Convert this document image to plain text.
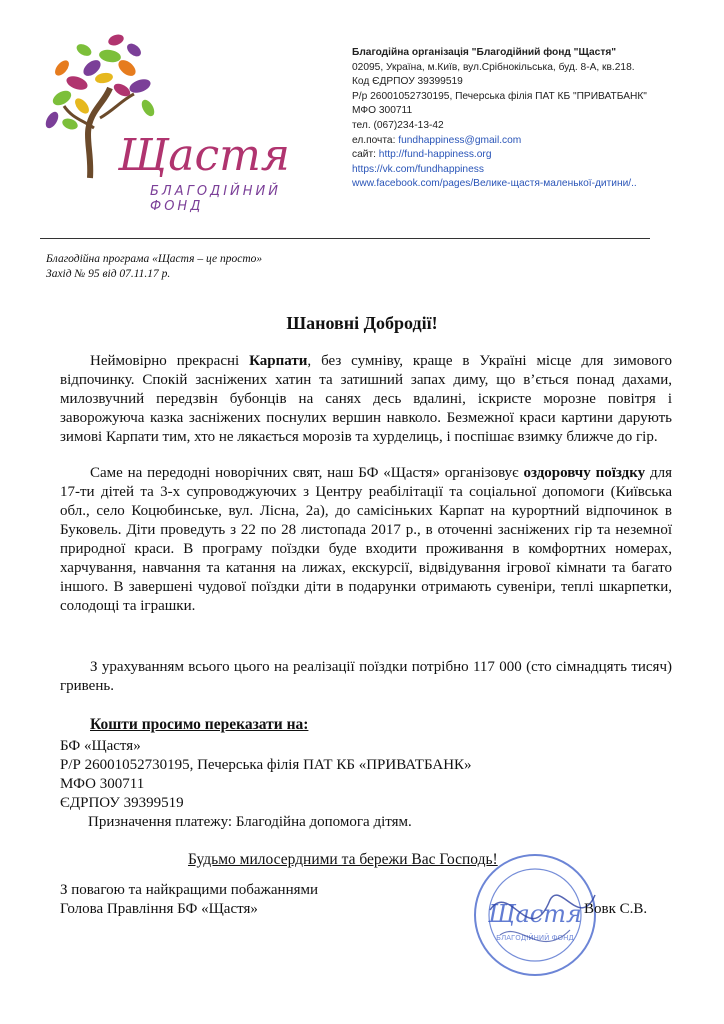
Щастя
БЛАГОДІЙНИЙ ФОНД
Благодійна організація "Благодійний фонд "Щастя"
02095, Україна, м.Київ, вул.Срібнокільська, буд. 8-А, кв.218.
Код ЄДРПОУ 39399519
Р/р 26001052730195, Печерська філія ПАТ КБ "ПРИВАТБАНК"
МФО 300711
тел. (067)234-13-42
ел.почта: fundhappiness@gmail.com
сайт: http://fund-happiness.org
https://vk.com/fundhappiness
www.facebook.com/pages/Велике-щастя-маленької-дитини/..
Благодійна програма «Щастя – це просто»
Захід № 95 від 07.11.17 р.
Шановні Добродії!

Неймовірно прекрасні Карпати, без сумніву, краще в Україні місце для зимового відпочинку. Спокій засніжених хатин та затишний запах диму, що в’ється понад дахами, милозвучний передзвін бубонців на санях десь вдалині, іскристе морозне повітря і заворожуюча казка засніжених поснулих вершин навколо. Безмежної краси картини дарують зимові Карпати тим, хто не лякається морозів та хурделиць, і поспішає взимку ближче до гір.

Саме на передодні новорічних свят, наш БФ «Щастя» організовує оздоровчу поїздку для 17-ти дітей та 3-х супроводжуючих з Центру реабілітації та соціальної допомоги (Київська обл., село Коцюбинське, вул. Лісна, 2а), до самісіньких Карпат на курортний відпочинок в Буковель. Діти проведуть з 22 по 28 листопада 2017 р., в оточенні засніжених гір та неземної природної краси. В програму поїздки буде входити проживання в комфортних номерах, харчування, навчання та катання на лижах, екскурсії, відвідування ігрової кімнати та багато іншого. В завершені чудової поїздки діти в подарунки отримають сувеніри, теплі шкарпетки, солодощі та іграшки.

З урахуванням всього цього на реалізації поїздки потрібно 117 000 (сто сімнадцять тисяч) гривень.

Кошти просимо переказати на:
БФ «Щастя»
Р/Р 26001052730195, Печерська філія ПАТ КБ «ПРИВАТБАНК»
МФО 300711
ЄДРПОУ 39399519
Призначення платежу: Благодійна допомога дітям.
Будьмо милосердними та бережи Вас Господь!
З повагою та найкращими побажаннями
Голова Правління БФ «Щастя»	Щастя
БЛАГОДІЙНИЙ ФОНД
Вовк С.В.
